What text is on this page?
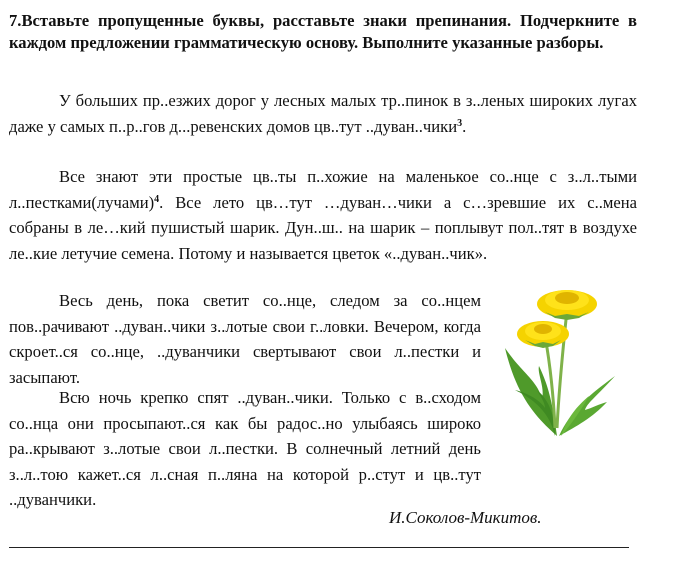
7.Вставьте пропущенные буквы, расставьте знаки препинания. Подчеркните в каждом предложении грамматическую основу. Выполните указанные разборы.

У больших пр..езжих дорог у лесных малых тр..пинок в з..леных широких лугах даже у самых п..р..гов д...ревенских домов цв..тут ..дуван..чики$^3$.

Все знают эти простые цв..ты п..хожие на маленькое со..нце с з..л..тыми л..пестками(лучами)$^4$. Все лето цв…тут …дуван…чики а с…зревшие их с..мена собраны в ле…кий пушистый шарик. Дун..ш.. на шарик – поплывут пол..тят в воздухе ле..кие летучие семена. Потому и называется цветок «..дуван..чик».

Весь день, пока светит со..нце, следом за со..нцем пов..рачивают ..дуван..чики з..лотые свои г..ловки. Вечером, когда скроет..ся со..нце, ..дуванчики свертывают свои л..пестки и засыпают.

Всю ночь крепко спят ..дуван..чики. Только с в..сходом со..нца они просыпают..ся как бы радос..но улыбаясь широко ра..крывают з..лотые свои л..пестки. В солнечный летний день з..л..тою кажет..ся л..сная п..ляна на которой р..стут и цв..тут ..дуванчики.

И.Соколов-Микитов.
